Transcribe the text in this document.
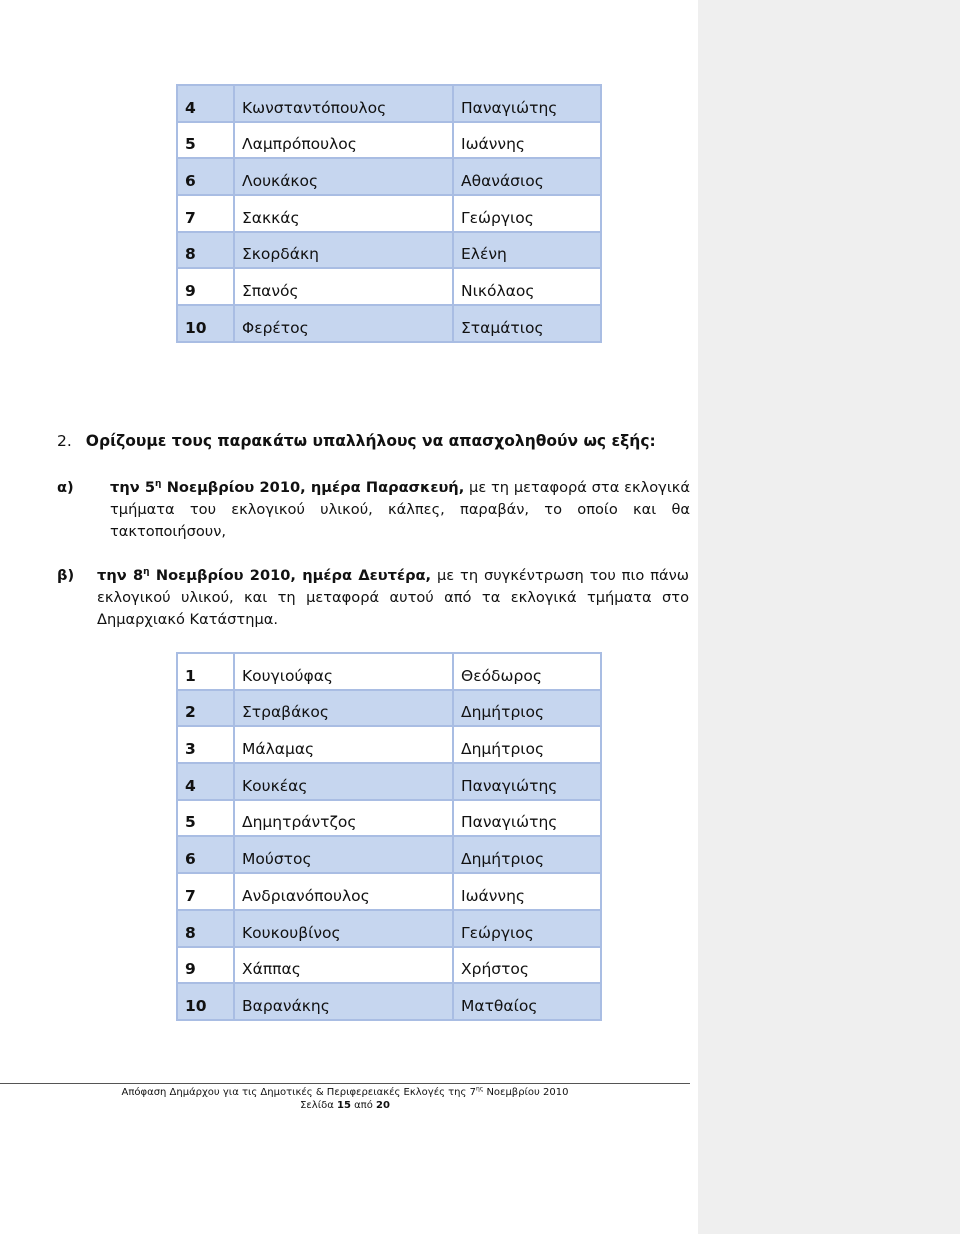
4	Κωνσταντόπουλος	Παναγιώτης
5	Λαμπρόπουλος	Ιωάννης
6	Λουκάκος	Αθανάσιος
7	Σακκάς	Γεώργιος
8	Σκορδάκη	Ελένη
9	Σπανός	Νικόλαος
10	Φερέτος	Σταμάτιος
2. Ορίζουμε τους παρακάτω υπαλλήλους να απασχοληθούν ως εξής:
α) την $5^\eta$ Νοεμβρίου 2010, ημέρα Παρασκευή, με τη μεταφορά στα εκλογικά τμήματα του εκλογικού υλικού, κάλπες, παραβάν, το οποίο και θα τακτοποιήσουν,
β) την $8^\eta$ Νοεμβρίου 2010, ημέρα Δευτέρα, με τη συγκέντρωση του πιο πάνω εκλογικού υλικού, και τη μεταφορά αυτού από τα εκλογικά τμήματα στο Δημαρχιακό Κατάστημα.
1	Κουγιούφας	Θεόδωρος
2	Στραβάκος	Δημήτριος
3	Μάλαμας	Δημήτριος
4	Κουκέας	Παναγιώτης
5	Δημητράντζος	Παναγιώτης
6	Μούστος	Δημήτριος
7	Ανδριανόπουλος	Ιωάννης
8	Κουκουβίνος	Γεώργιος
9	Χάππας	Χρήστος
10	Βαρανάκης	Ματθαίος
Απόφαση Δημάρχου για τις Δημοτικές & Περιφερειακές Εκλογές της $7^{\eta\varsigma}$ Νοεμβρίου 2010
Σελίδα 15 από 20
